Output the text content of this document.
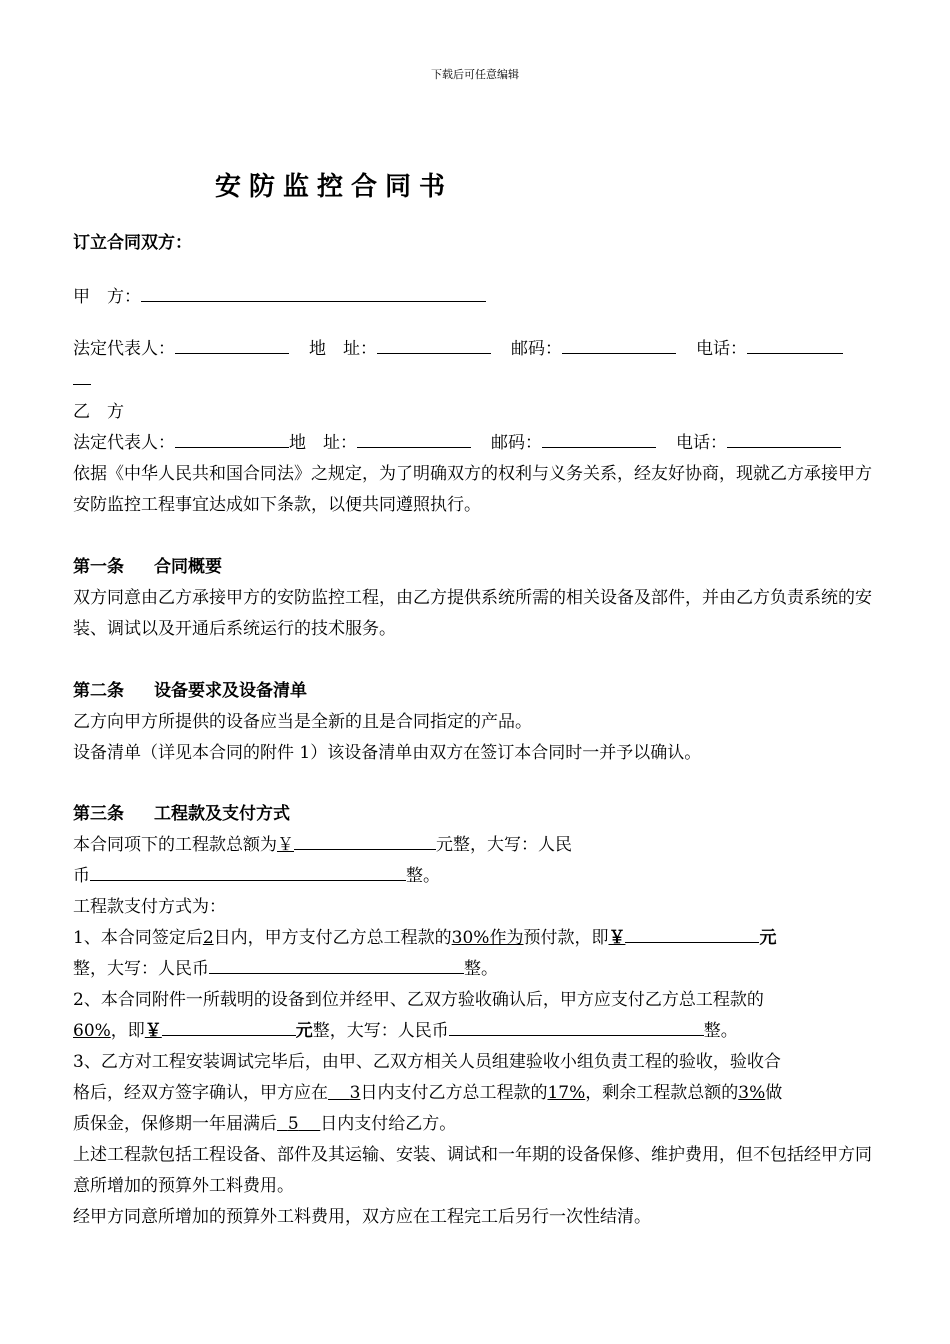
下载后可任意编辑
安防监控合同书
订立合同双方：
甲　方：
法定代表人：	地　址：	邮码：	电话：
乙　方
法定代表人：	地　址：	邮码：	电话：
依据《中华人民共和国合同法》之规定，为了明确双方的权利与义务关系，经友好协商，现就乙方承接甲方安防监控工程事宜达成如下条款，以便共同遵照执行。
第一条 合同概要
双方同意由乙方承接甲方的安防监控工程，由乙方提供系统所需的相关设备及部件，并由乙方负责系统的安装、调试以及开通后系统运行的技术服务。
第二条 设备要求及设备清单
乙方向甲方所提供的设备应当是全新的且是合同指定的产品。
设备清单（详见本合同的附件 1）该设备清单由双方在签订本合同时一并予以确认。
第三条 工程款及支付方式
本合同项下的工程款总额为￥	元整，大写：人民
币	整。
工程款支付方式为：
1、本合同签定后2日内，甲方支付乙方总工程款的30%作为预付款，即￥	元
整，大写：人民币	整。
2、本合同附件一所载明的设备到位并经甲、乙双方验收确认后，甲方应支付乙方总工程款的
60%，即￥	元整，大写：人民币	整。
3、乙方对工程安装调试完毕后，由甲、乙双方相关人员组建验收小组负责工程的验收，验收合
格后，经双方签字确认，甲方应在 3日内支付乙方总工程款的17%，剩余工程款总额的3%做
质保金，保修期一年届满后 5 日内支付给乙方。
上述工程款包括工程设备、部件及其运输、安装、调试和一年期的设备保修、维护费用，但不包括经甲方同意所增加的预算外工料费用。
经甲方同意所增加的预算外工料费用，双方应在工程完工后另行一次性结清。
